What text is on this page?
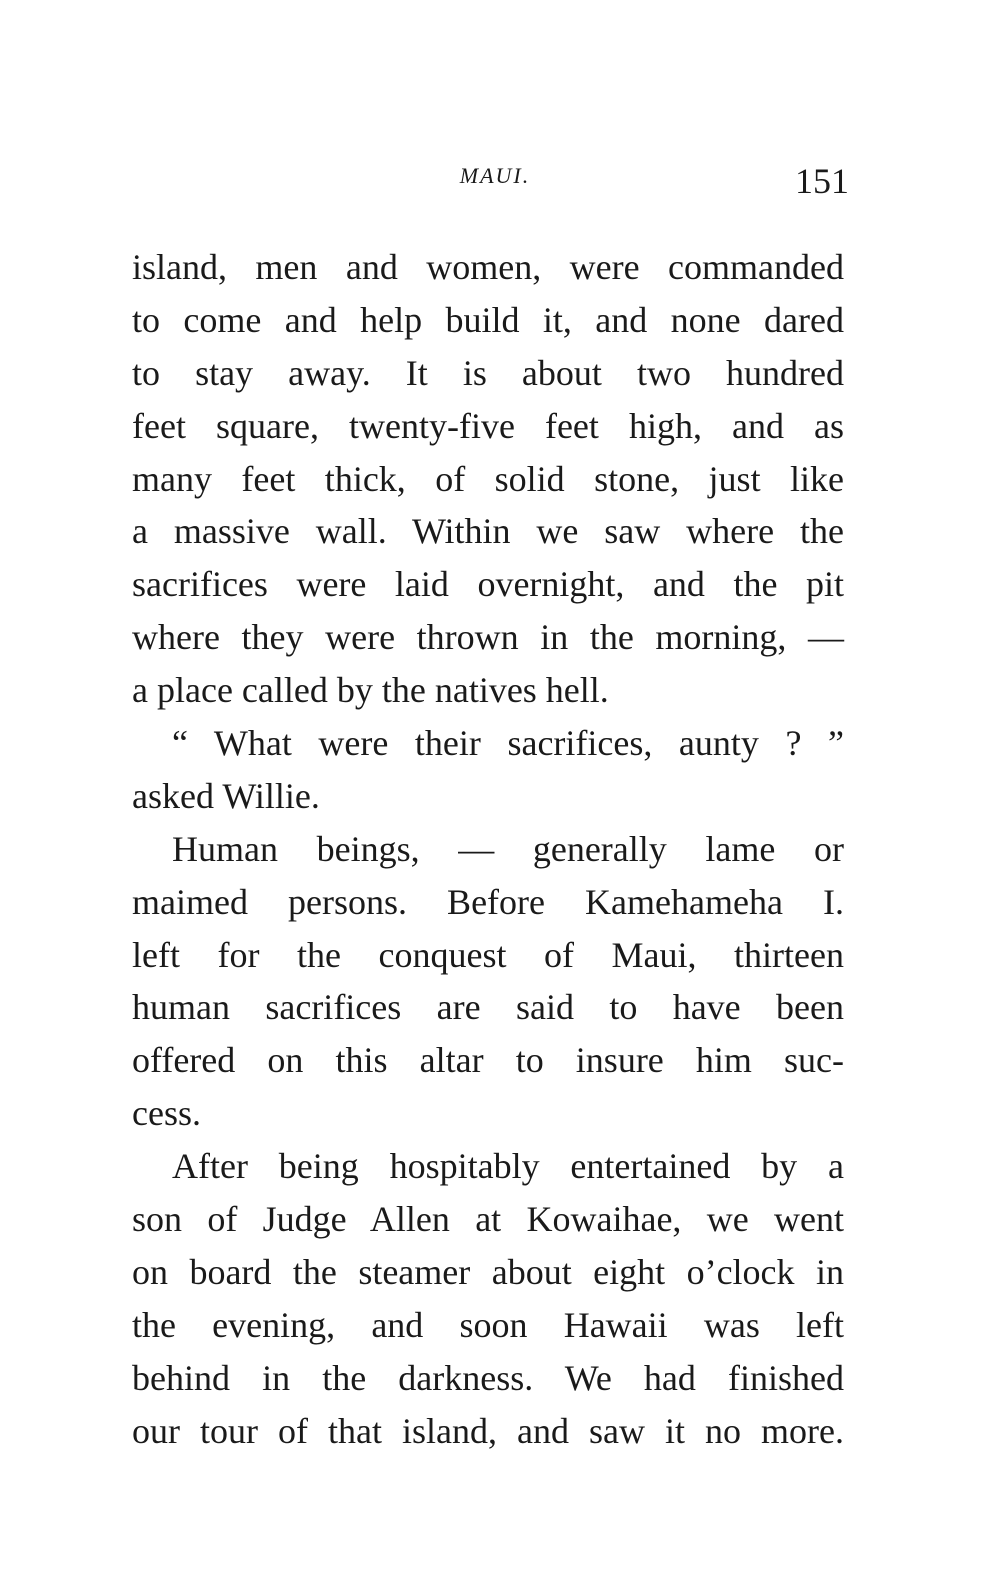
MAUI.	151
island, men and women, were commanded
to come and help build it, and none dared
to stay away. It is about two hundred
feet square, twenty-five feet high, and as
many feet thick, of solid stone, just like
a massive wall. Within we saw where the
sacrifices were laid overnight, and the pit
where they were thrown in the morning, —
a place called by the natives hell.
“ What were their sacrifices, aunty ? ”
asked Willie.
Human beings, — generally lame or
maimed persons. Before Kamehameha I.
left for the conquest of Maui, thirteen
human sacrifices are said to have been
offered on this altar to insure him suc-
cess.
After being hospitably entertained by a
son of Judge Allen at Kowaihae, we went
on board the steamer about eight o’clock in
the evening, and soon Hawaii was left
behind in the darkness. We had finished
our tour of that island, and saw it no more.
